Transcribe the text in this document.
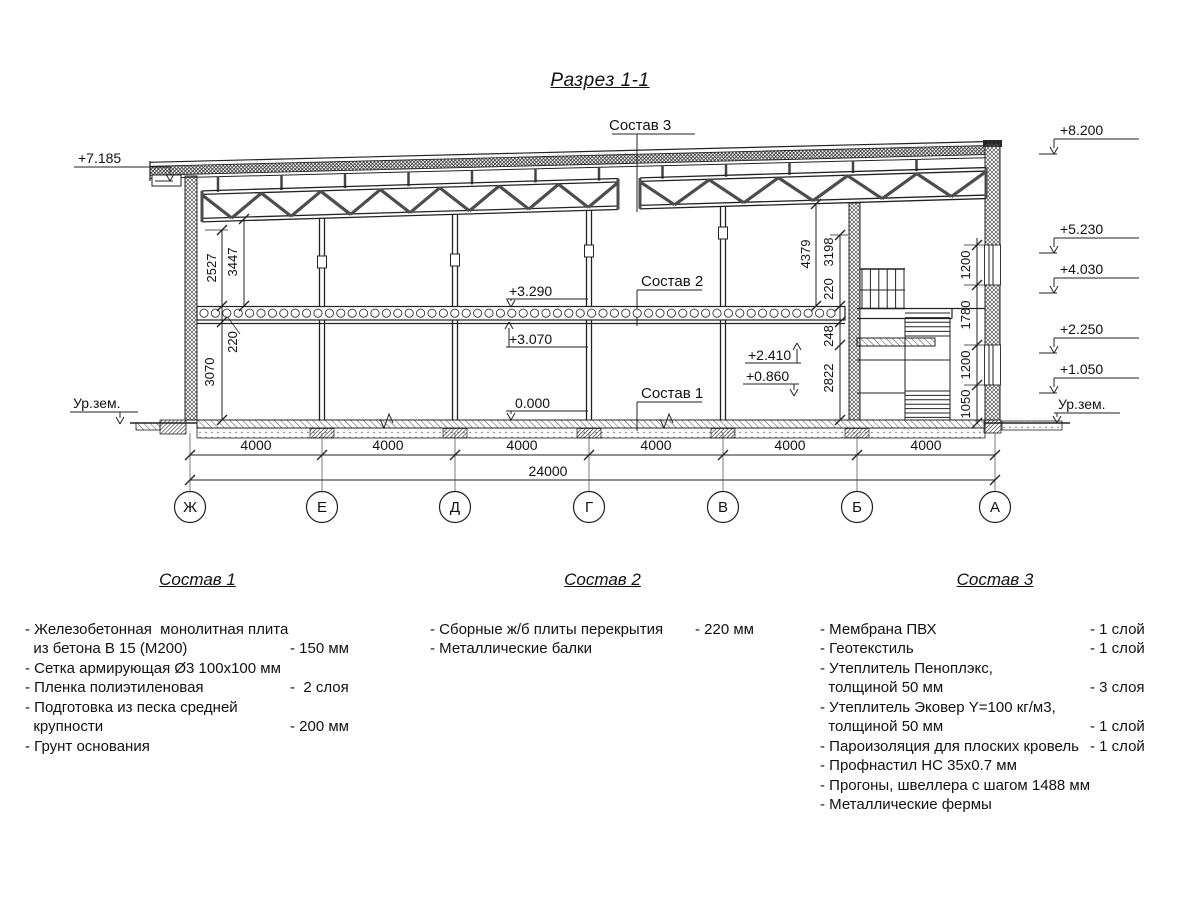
Разрез 1-1
Ж	Е	Д	Г	В	Б	А
4000	4000	4000	4000	4000	4000
24000
2527 3447
220
3070
4379 3198
220
248
2822
1200
1780
1200
1050
+7.185
+8.200
+5.230
+4.030
+2.250
+1.050
Ур.зем.	Ур.зем.
+3.290
+3.070
0.000
+2.410
+0.860
Состав 3
Состав 2
Состав 1
Состав 1
- Железобетонная  монолитная плита
из бетона В 15 (М200)	- 150 мм
- Сетка армирующая Ø3 100x100 мм
- Пленка полиэтиленовая	-  2 слоя
- Подготовка из песка средней
крупности	- 200 мм
- Грунт основания
Состав 2
- Сборные ж/б плиты перекрытия - 220 мм
- Металлические балки
Состав 3
- Мембрана ПВХ	- 1 слой
- Геотекстиль	- 1 слой
- Утеплитель Пеноплэкс,
толщиной 50 мм	- 3 слоя
- Утеплитель Эковер Y=100 кг/м3,
толщиной 50 мм	- 1 слой
- Пароизоляция для плоских кровель - 1 слой
- Профнастил НС 35x0.7 мм
- Прогоны, швеллера с шагом 1488 мм
- Металлические фермы
